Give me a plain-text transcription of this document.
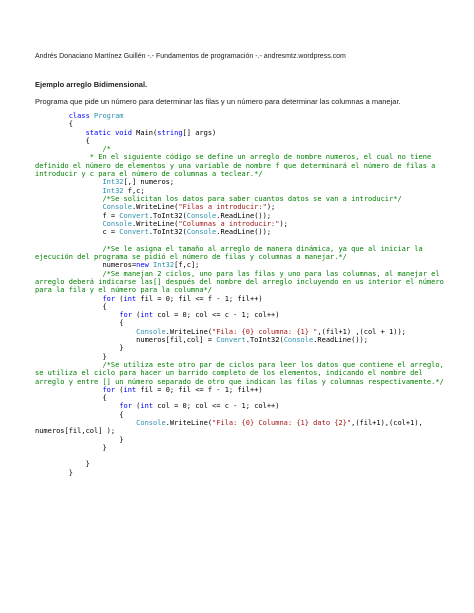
Andrés Donaciano Martínez Guillén -.- Fundamentos de programación -.- andresmtz.wordpress.com
Ejemplo arreglo Bidimensional.
Programa que pide un número para determinar las filas y un número para determinar las columnas a manejar.
class Program
{
static void Main(string[] args)
{
/*
* En el siguiente código se define un arreglo de nombre numeros, el cual no tiene definido el número de elementos y una variable de nombre f que determinará el número de filas a introducir y c para el número de columnas a teclear.*/
Int32[,] numeros;
Int32 f,c;
/*Se solicitan los datos para saber cuantos datos se van a introducir*/
Console.WriteLine("Filas a introducir:");
f = Convert.ToInt32(Console.ReadLine());
Console.WriteLine("Columnas a introducir:");
c = Convert.ToInt32(Console.ReadLine());

/*Se le asigna el tamaño al arreglo de manera dinámica, ya que al iniciar la ejecución del programa se pidió el número de filas y columnas a manejar.*/
numeros=new Int32[f,c];
/*Se manejan 2 ciclos, uno para las filas y uno para las columnas, al manejar el arreglo deberá indicarse las[] después del nombre del arreglo incluyendo en us interior el número para la fila y el número para la columna*/
for (int fil = 0; fil <= f - 1; fil++)
{
for (int col = 0; col <= c - 1; col++)
{
Console.WriteLine("Fila: {0} columna: {1} ",(fil+1) ,(col + 1));
numeros[fil,col] = Convert.ToInt32(Console.ReadLine());
}
}
/*Se utiliza este otro par de ciclos para leer los datos que contiene el arreglo, se utiliza el ciclo para hacer un barrido completo de los elementos, indicando el nombre del arreglo y entre [] un número separado de otro que indican las filas y columnas respectivamente.*/
for (int fil = 0; fil <= f - 1; fil++)
{
for (int col = 0; col <= c - 1; col++)
{
Console.WriteLine("Fila: {0} Columna: {1} dato {2}",(fil+1),(col+1), numeros[fil,col] );
}
}

}
}
